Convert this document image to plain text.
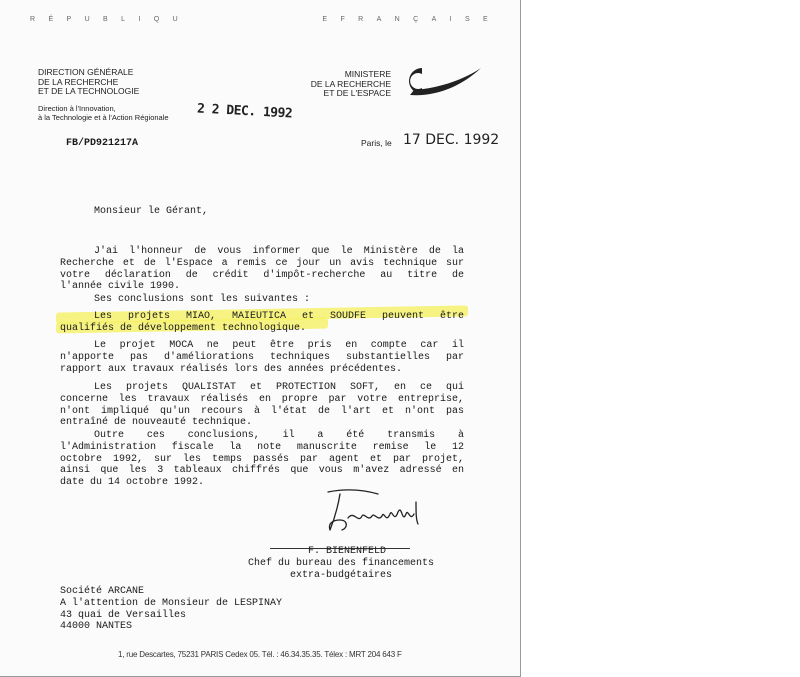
R É P U B L I Q U	E F R A N Ç A I S E
DIRECTION GÉNÉRALE
DE LA RECHERCHE
ET DE LA TECHNOLOGIE
Direction à l'Innovation,
à la Technologie et à l'Action Régionale 2 2 DEC. 1992
MINISTERE
DE LA RECHERCHE
ET DE L'ESPACE
FB/PD921217A	Paris, le 17 DEC. 1992
Monsieur le Gérant,
J'ai l'honneur de vous informer que le Ministère de la
Recherche et de l'Espace a remis ce jour un avis technique sur
votre déclaration de crédit d'impôt-recherche au titre de
l'année civile 1990.
Ses conclusions sont les suivantes :
Les projets MIAO, MAIEUTICA et SOUDFE peuvent être
qualifiés de développement technologique.
Le projet MOCA ne peut être pris en compte car il
n'apporte pas d'améliorations techniques substantielles par
rapport aux travaux réalisés lors des années précédentes.
Les projets QUALISTAT et PROTECTION SOFT, en ce qui
concerne les travaux réalisés en propre par votre entreprise,
n'ont impliqué qu'un recours à l'état de l'art et n'ont pas
entraîné de nouveauté technique.
Outre ces conclusions, il a été transmis à
l'Administration fiscale la note manuscrite remise le 12
octobre 1992, sur les temps passés par agent et par projet,
ainsi que les 3 tableaux chiffrés que vous m'avez adressé en
date du 14 octobre 1992.
F. BIENENFELD
Chef du bureau des financements
extra-budgétaires
Société ARCANE
A l'attention de Monsieur de LESPINAY
43 quai de Versailles
44000 NANTES
1, rue Descartes, 75231 PARIS Cedex 05. Tél. : 46.34.35.35. Télex : MRT 204 643 F
